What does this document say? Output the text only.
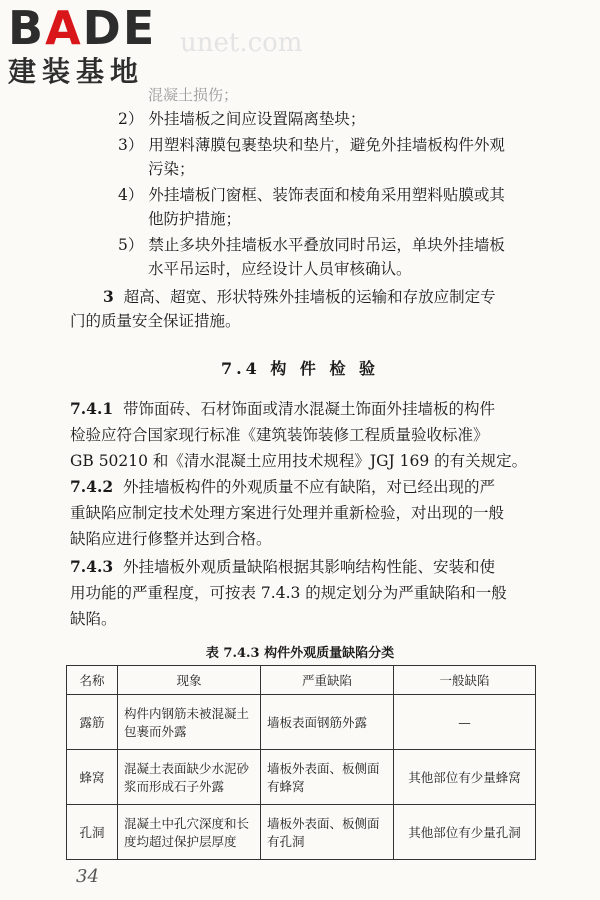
BADE
建装基地
unet.com
混凝土损伤；
2） 外挂墙板之间应设置隔离垫块；
3） 用塑料薄膜包裹垫块和垫片，避免外挂墙板构件外观
污染；
4） 外挂墙板门窗框、装饰表面和棱角采用塑料贴膜或其
他防护措施；
5） 禁止多块外挂墙板水平叠放同时吊运，单块外挂墙板
水平吊运时，应经设计人员审核确认。
3 超高、超宽、形状特殊外挂墙板的运输和存放应制定专
门的质量安全保证措施。
7.4 构 件 检 验
7.4.1 带饰面砖、石材饰面或清水混凝土饰面外挂墙板的构件
检验应符合国家现行标准《建筑装饰装修工程质量验收标准》
GB 50210 和《清水混凝土应用技术规程》JGJ 169 的有关规定。
7.4.2 外挂墙板构件的外观质量不应有缺陷，对已经出现的严
重缺陷应制定技术处理方案进行处理并重新检验，对出现的一般
缺陷应进行修整并达到合格。
7.4.3 外挂墙板外观质量缺陷根据其影响结构性能、安装和使
用功能的严重程度，可按表 7.4.3 的规定划分为严重缺陷和一般
缺陷。
表 7.4.3 构件外观质量缺陷分类
名称	现象	严重缺陷	一般缺陷
露筋	构件内钢筋未被混凝土包裹而外露	墙板表面钢筋外露	—
蜂窝	混凝土表面缺少水泥砂浆而形成石子外露	墙板外表面、板侧面有蜂窝	其他部位有少量蜂窝
孔洞	混凝土中孔穴深度和长度均超过保护层厚度	墙板外表面、板侧面有孔洞	其他部位有少量孔洞
34
